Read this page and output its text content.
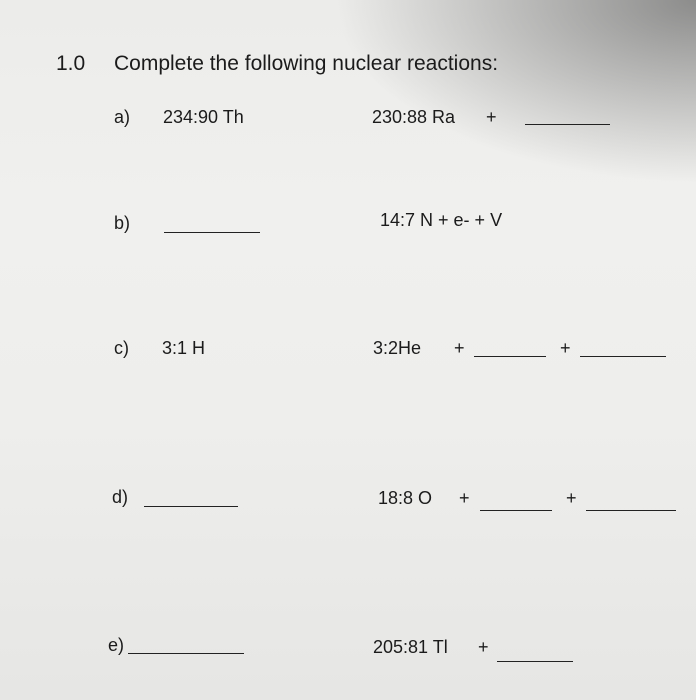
1.0 Complete the following nuclear reactions:
a) 234:90 Th	230:88 Ra +
b)	14:7 N + e- + V
c) 3:1 H	3:2He +	+
d)	18:8 O +	+
e)	205:81 Tl +
